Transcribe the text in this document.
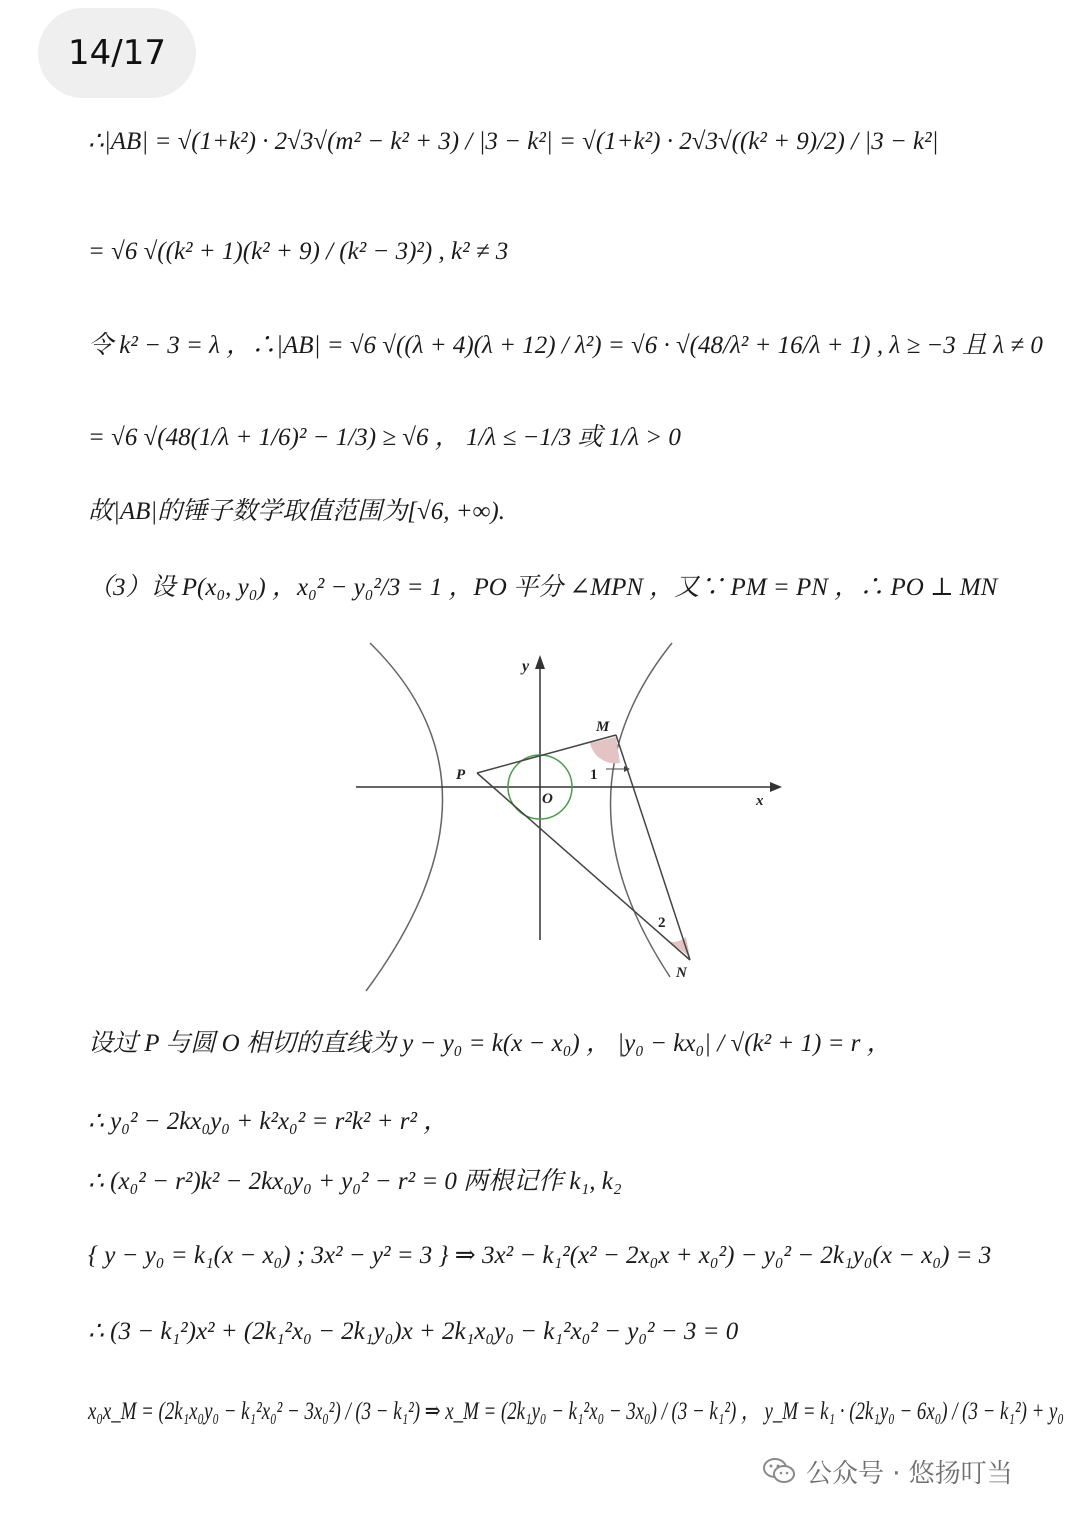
14/17
∴|AB| = √(1+k²) · 2√3√(m² − k² + 3) / |3 − k²| = √(1+k²) · 2√3√((k² + 9)/2) / |3 − k²|
= √6 √((k² + 1)(k² + 9) / (k² − 3)²) , k² ≠ 3
令 k² − 3 = λ ，∴|AB| = √6 √((λ + 4)(λ + 12) / λ²) = √6 · √(48/λ² + 16/λ + 1) , λ ≥ −3 且 λ ≠ 0
= √6 √(48(1/λ + 1/6)² − 1/3) ≥ √6 ， 1/λ ≤ −1/3 或 1/λ > 0
故|AB|的锤子数学取值范围为[√6, +∞).
（3）设 P(x₀, y₀) ，x₀² − y₀²/3 = 1 ，PO 平分 ∠MPN ，又∵ PM = PN ，∴ PO ⊥ MN
y
x
O
P
M
N
1
2
设过 P 与圆 O 相切的直线为 y − y₀ = k(x − x₀) ， |y₀ − kx₀| / √(k² + 1) = r ，
∴ y₀² − 2kx₀y₀ + k²x₀² = r²k² + r² ，
∴ (x₀² − r²)k² − 2kx₀y₀ + y₀² − r² = 0 两根记作 k₁, k₂
{ y − y₀ = k₁(x − x₀) ; 3x² − y² = 3 } ⇒ 3x² − k₁²(x² − 2x₀x + x₀²) − y₀² − 2k₁y₀(x − x₀) = 3
∴ (3 − k₁²)x² + (2k₁²x₀ − 2k₁y₀)x + 2k₁x₀y₀ − k₁²x₀² − y₀² − 3 = 0
x₀x_M = (2k₁x₀y₀ − k₁²x₀² − 3x₀²) / (3 − k₁²) ⇒ x_M = (2k₁y₀ − k₁²x₀ − 3x₀) / (3 − k₁²) ， y_M = k₁ · (2k₁y₀ − 6x₀) / (3 − k₁²) + y₀
公众号 · 悠扬叮当
